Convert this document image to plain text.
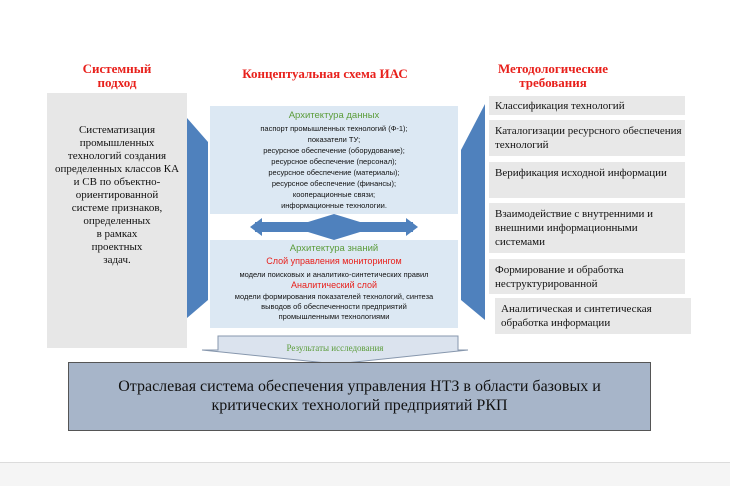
Системный подход
Концептуальная схема ИАС	Методологические требования
Систематизация
промышленных
технологий создания
определенных классов КА
и СВ по объектно-
ориентированной
системе признаков,
определенных
в рамках
проектных
задач.
Архитектура данных
паспорт промышленных технологий (Ф-1);
показатели ТУ;
ресурсное обеспечение (оборудование);
ресурсное обеспечение (персонал);
ресурсное обеспечение (материалы);
ресурсное обеспечение (финансы);
кооперационные связи;
информационные технологии.
Архитектура знаний
Слой управления мониторингом
модели поисковых и аналитико-синтетических правил
Аналитический слой
модели формирования показателей технологий, синтеза
выводов об обеспеченности предприятий
промышленными технологиями
Классификация технологий
Каталогизации ресурсного обеспечения технологий
Верификация исходной информации
Взаимодействие с внутренними и внешними информационными системами
Формирование и обработка неструктурированной
Аналитическая и синтетическая обработка информации
Результаты исследования
Отраслевая система обеспечения управления НТЗ в области базовых и критических технологий предприятий РКП
